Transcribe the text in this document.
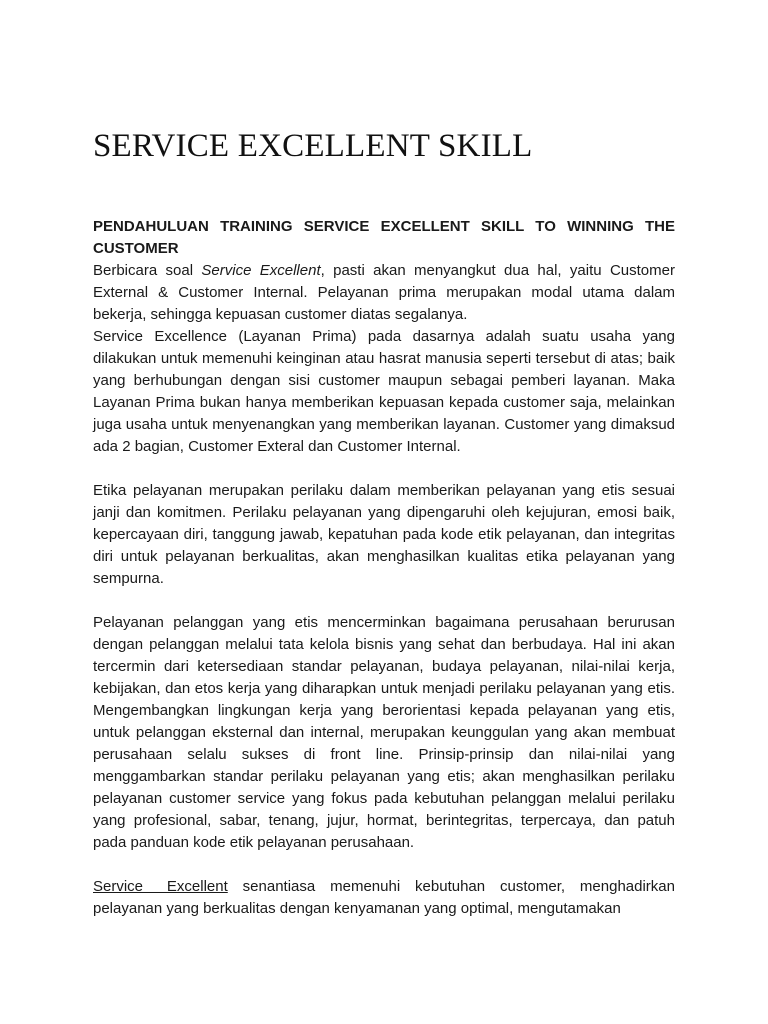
SERVICE EXCELLENT SKILL

PENDAHULUAN TRAINING SERVICE EXCELLENT SKILL TO WINNING THE CUSTOMER
Berbicara soal Service Excellent, pasti akan menyangkut dua hal, yaitu Customer External & Customer Internal. Pelayanan prima merupakan modal utama dalam bekerja, sehingga kepuasan customer diatas segalanya.
Service Excellence (Layanan Prima) pada dasarnya adalah suatu usaha yang dilakukan untuk memenuhi keinginan atau hasrat manusia seperti tersebut di atas; baik yang berhubungan dengan sisi customer maupun sebagai pemberi layanan. Maka Layanan Prima bukan hanya memberikan kepuasan kepada customer saja, melainkan juga usaha untuk menyenangkan yang memberikan layanan. Customer yang dimaksud ada 2 bagian, Customer Exteral dan Customer Internal.

Etika pelayanan merupakan perilaku dalam memberikan pelayanan yang etis sesuai janji dan komitmen. Perilaku pelayanan yang dipengaruhi oleh kejujuran, emosi baik, kepercayaan diri, tanggung jawab, kepatuhan pada kode etik pelayanan, dan integritas diri untuk pelayanan berkualitas, akan menghasilkan kualitas etika pelayanan yang sempurna.

Pelayanan pelanggan yang etis mencerminkan bagaimana perusahaan berurusan dengan pelanggan melalui tata kelola bisnis yang sehat dan berbudaya. Hal ini akan tercermin dari ketersediaan standar pelayanan, budaya pelayanan, nilai-nilai kerja, kebijakan, dan etos kerja yang diharapkan untuk menjadi perilaku pelayanan yang etis. Mengembangkan lingkungan kerja yang berorientasi kepada pelayanan yang etis, untuk pelanggan eksternal dan internal, merupakan keunggulan yang akan membuat perusahaan selalu sukses di front line. Prinsip-prinsip dan nilai-nilai yang menggambarkan standar perilaku pelayanan yang etis; akan menghasilkan perilaku pelayanan customer service yang fokus pada kebutuhan pelanggan melalui perilaku yang profesional, sabar, tenang, jujur, hormat, berintegritas, terpercaya, dan patuh pada panduan kode etik pelayanan perusahaan.

Service Excellent senantiasa memenuhi kebutuhan customer, menghadirkan pelayanan yang berkualitas dengan kenyamanan yang optimal, mengutamakan
